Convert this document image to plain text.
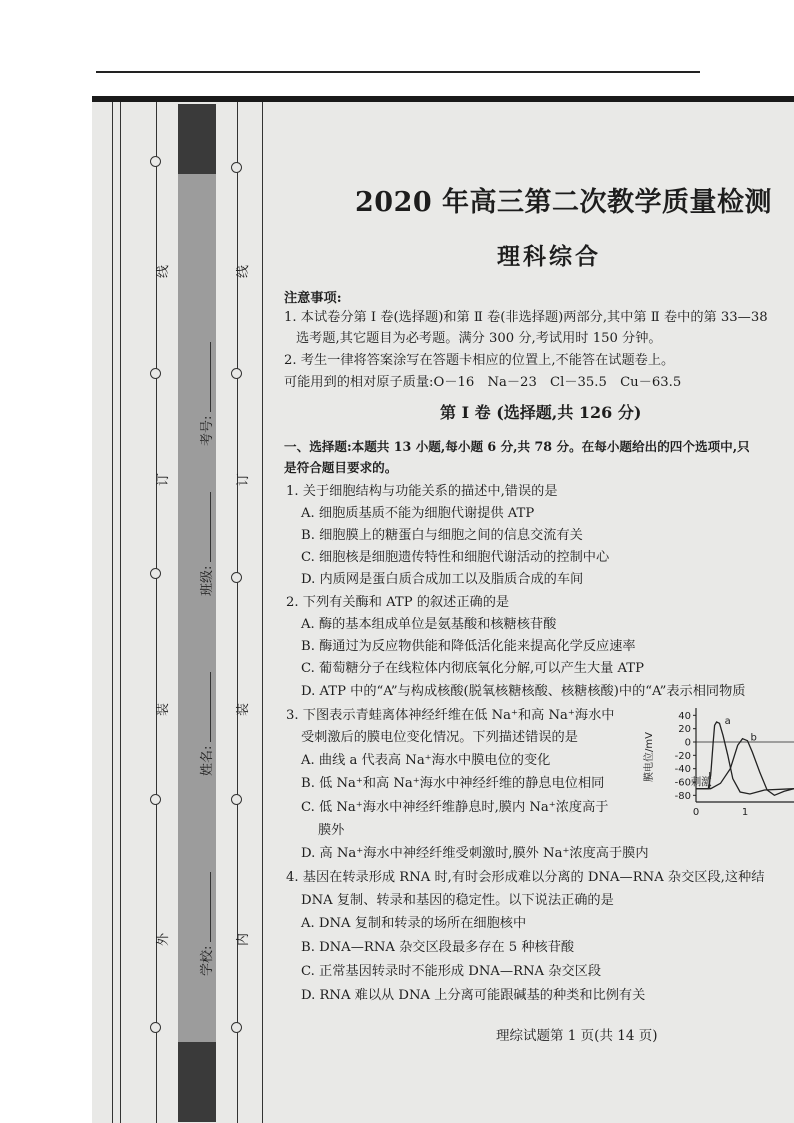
外
装
订
线
内
装
订
线
学校:
姓名:
班级:
考号:
2020 年高三第二次教学质量检测
理科综合
注意事项:
1. 本试卷分第 Ⅰ 卷(选择题)和第 Ⅱ 卷(非选择题)两部分,其中第 Ⅱ 卷中的第 33—38
选考题,其它题目为必考题。满分 300 分,考试用时 150 分钟。
2. 考生一律将答案涂写在答题卡相应的位置上,不能答在试题卷上。
可能用到的相对原子质量:O－16　Na－23　Cl－35.5　Cu－63.5
第 Ⅰ 卷 (选择题,共 126 分)
一、选择题:本题共 13 小题,每小题 6 分,共 78 分。在每小题给出的四个选项中,只
是符合题目要求的。
1. 关于细胞结构与功能关系的描述中,错误的是
A. 细胞质基质不能为细胞代谢提供 ATP
B. 细胞膜上的糖蛋白与细胞之间的信息交流有关
C. 细胞核是细胞遗传特性和细胞代谢活动的控制中心
D. 内质网是蛋白质合成加工以及脂质合成的车间
2. 下列有关酶和 ATP 的叙述正确的是
A. 酶的基本组成单位是氨基酸和核糖核苷酸
B. 酶通过为反应物供能和降低活化能来提高化学反应速率
C. 葡萄糖分子在线粒体内彻底氧化分解,可以产生大量 ATP
D. ATP 中的“A”与构成核酸(脱氧核糖核酸、核糖核酸)中的“A”表示相同物质
3. 下图表示青蛙离体神经纤维在低 Na⁺和高 Na⁺海水中
受刺激后的膜电位变化情况。下列描述错误的是
A. 曲线 a 代表高 Na⁺海水中膜电位的变化
B. 低 Na⁺和高 Na⁺海水中神经纤维的静息电位相同
C. 低 Na⁺海水中神经纤维静息时,膜内 Na⁺浓度高于
膜外
D. 高 Na⁺海水中神经纤维受刺激时,膜外 Na⁺浓度高于膜内
40
20
0
-20
-40
-60
-80
膜电位/mV
0	1
a
b
刺激
4. 基因在转录形成 RNA 时,有时会形成难以分离的 DNA—RNA 杂交区段,这种结
DNA 复制、转录和基因的稳定性。以下说法正确的是
A. DNA 复制和转录的场所在细胞核中
B. DNA—RNA 杂交区段最多存在 5 种核苷酸
C. 正常基因转录时不能形成 DNA—RNA 杂交区段
D. RNA 难以从 DNA 上分离可能跟碱基的种类和比例有关
理综试题第 1 页(共 14 页)
